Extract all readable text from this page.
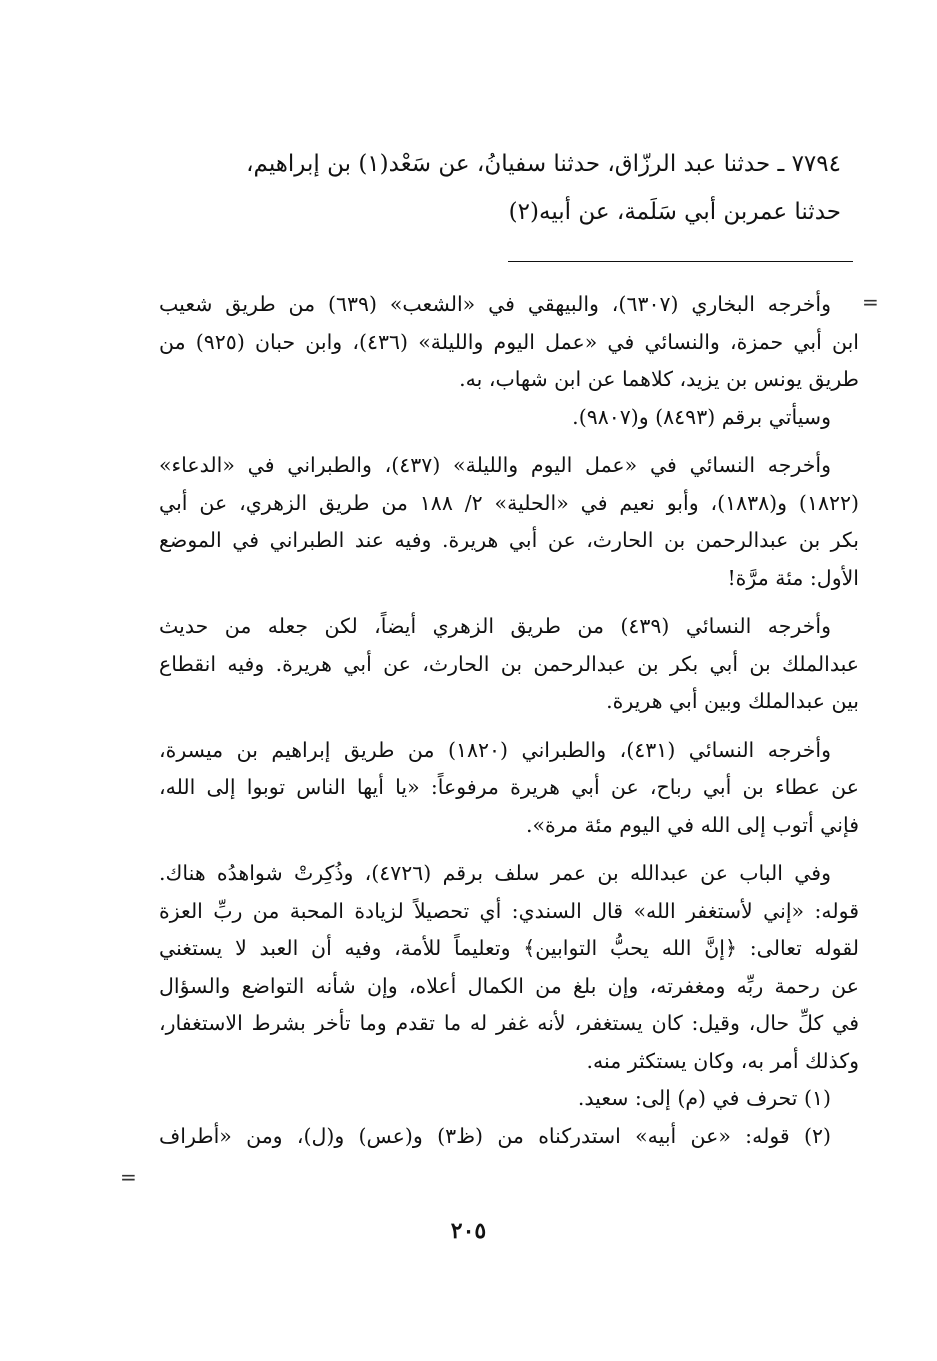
٧٧٩٤ ـ حدثنا عبد الرزّاق، حدثنا سفيانُ، عن سَعْد(١) بن إبراهيم،

حدثنا عمربن أبي سَلَمة، عن أبيه(٢)

=
وأخرجه البخاري (٦٣٠٧)، والبيهقي في «الشعب» (٦٣٩) من طريق شعيب
ابن أبي حمزة، والنسائي في «عمل اليوم والليلة» (٤٣٦)، وابن حبان (٩٢٥) من
طريق يونس بن يزيد، كلاهما عن ابن شهاب، به.
وسيأتي برقم (٨٤٩٣) و(٩٨٠٧).
وأخرجه النسائي في «عمل اليوم والليلة» (٤٣٧)، والطبراني في «الدعاء»
(١٨٢٢) و(١٨٣٨)، وأبو نعيم في «الحلية» ٢/ ١٨٨ من طريق الزهري، عن أبي
بكر بن عبدالرحمن بن الحارث، عن أبي هريرة. وفيه عند الطبراني في الموضع
الأول: مئة مرَّة!
وأخرجه النسائي (٤٣٩) من طريق الزهري أيضاً، لكن جعله من حديث
عبدالملك بن أبي بكر بن عبدالرحمن بن الحارث، عن أبي هريرة. وفيه انقطاع
بين عبدالملك وبين أبي هريرة.
وأخرجه النسائي (٤٣١)، والطبراني (١٨٢٠) من طريق إبراهيم بن ميسرة،
عن عطاء بن أبي رباح، عن أبي هريرة مرفوعاً: «يا أيها الناس توبوا إلى الله،
فإني أتوب إلى الله في اليوم مئة مرة».
وفي الباب عن عبدالله بن عمر سلف برقم (٤٧٢٦)، وذُكِرتْ شواهدُه هناك.
قوله: «إني لأستغفر الله» قال السندي: أي تحصيلاً لزيادة المحبة من ربِّ العزة
لقوله تعالى: ﴿إنَّ الله يحبُّ التوابين﴾ وتعليماً للأمة، وفيه أن العبد لا يستغني
عن رحمة ربِّه ومغفرته، وإن بلغ من الكمال أعلاه، وإن شأنه التواضع والسؤال
في كلِّ حال، وقيل: كان يستغفر، لأنه غفر له ما تقدم وما تأخر بشرط الاستغفار،
وكذلك أمر به، وكان يستكثر منه.
(١) تحرف في (م) إلى: سعيد.
(٢) قوله: «عن أبيه» استدركناه من (ظ٣) و(عس) و(ل)، ومن «أطراف
=
٢٠٥
